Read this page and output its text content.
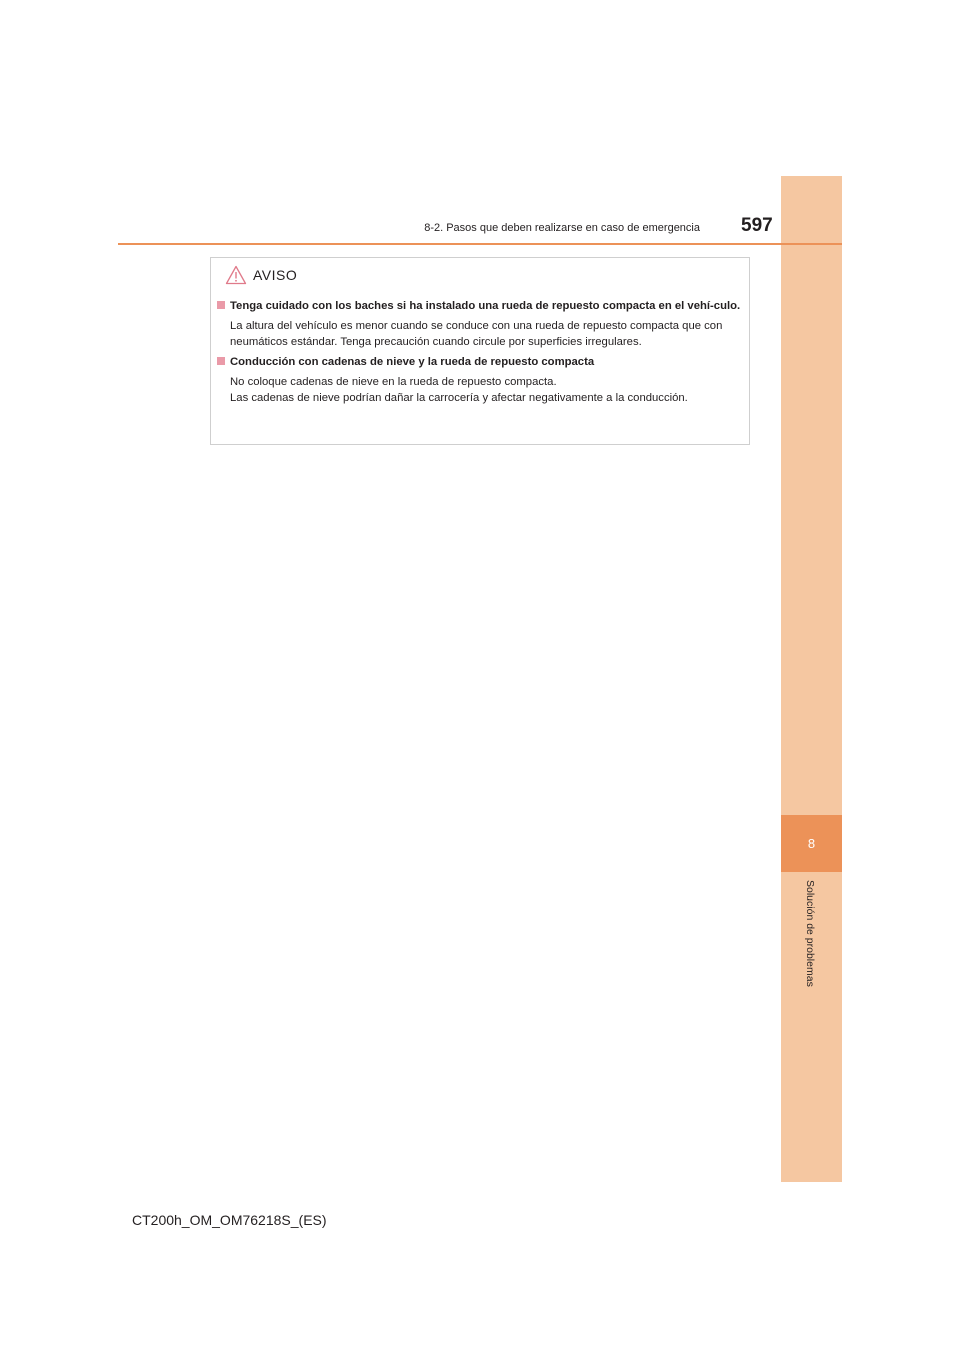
8
Solución de problemas
8-2. Pasos que deben realizarse en caso de emergencia 597
AVISO
Tenga cuidado con los baches si ha instalado una rueda de repuesto compacta en el vehí-culo.
La altura del vehículo es menor cuando se conduce con una rueda de repuesto compacta que con neumáticos estándar. Tenga precaución cuando circule por superficies irregulares.
Conducción con cadenas de nieve y la rueda de repuesto compacta
No coloque cadenas de nieve en la rueda de repuesto compacta.
Las cadenas de nieve podrían dañar la carrocería y afectar negativamente a la conducción.
CT200h_OM_OM76218S_(ES)
